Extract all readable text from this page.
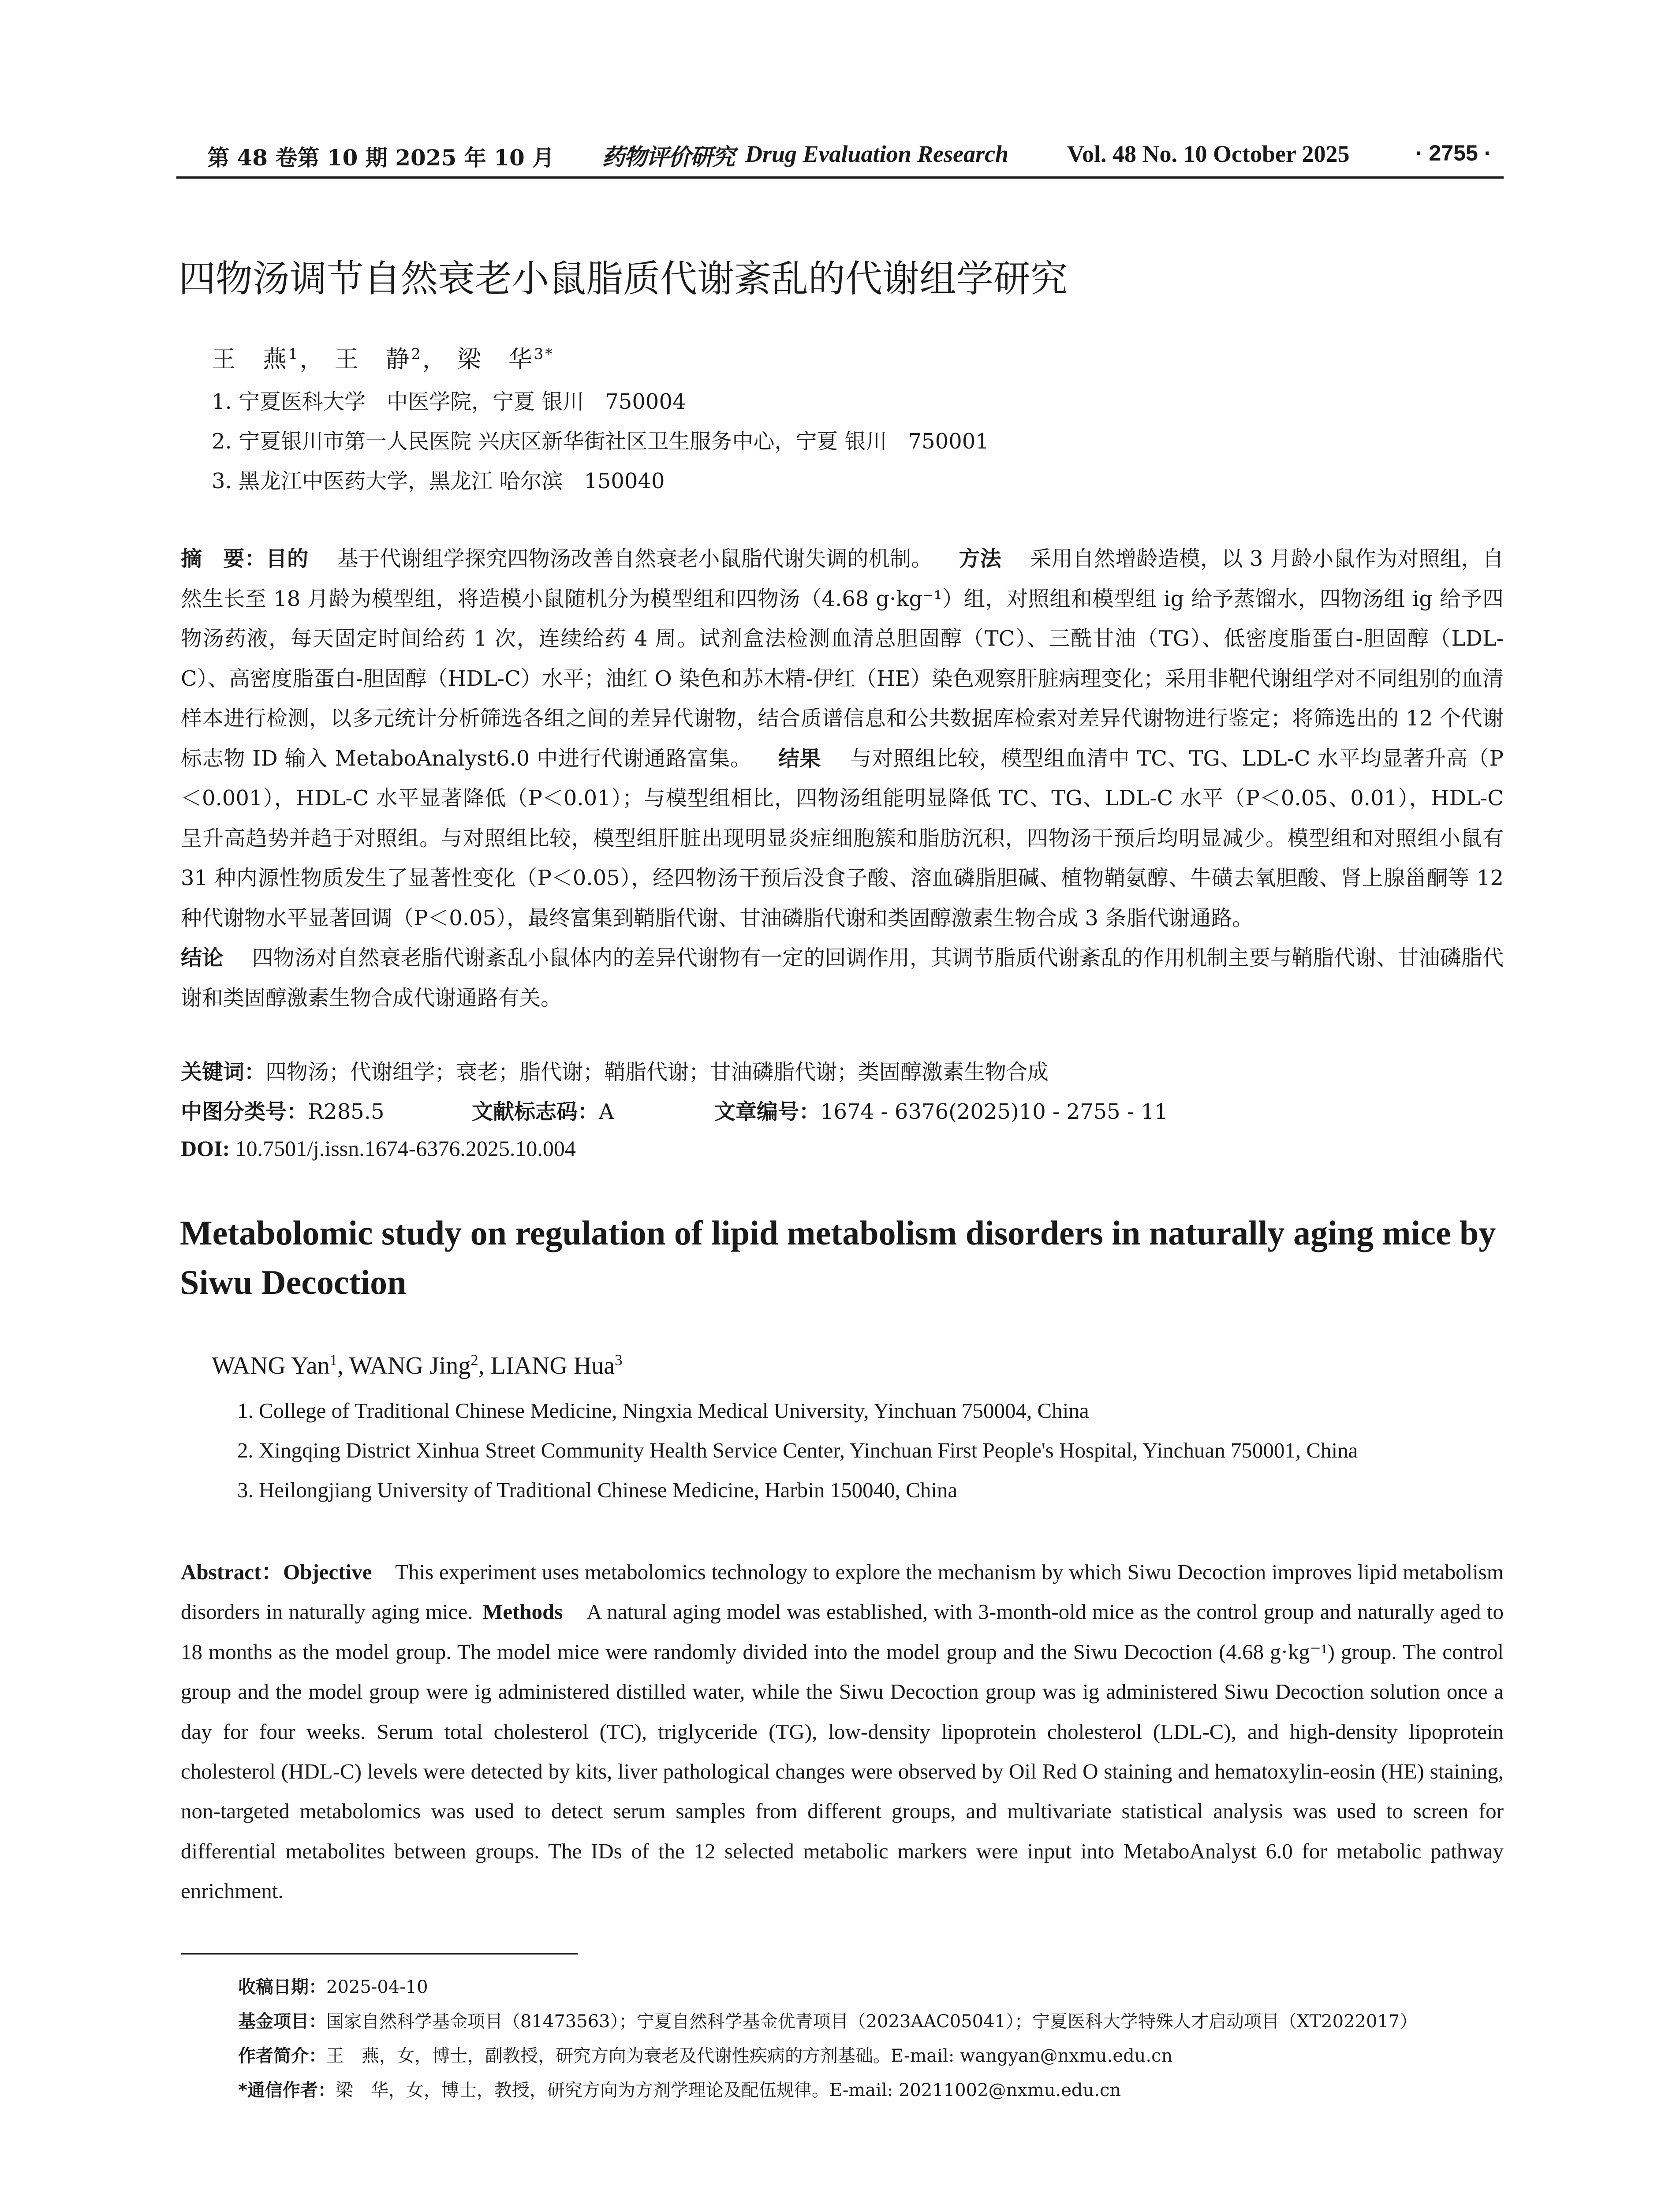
第 48 卷第 10 期 2025 年 10 月 药物评价研究 Drug Evaluation Research Vol. 48 No. 10 October 2025	· 2755 ·
四物汤调节自然衰老小鼠脂质代谢紊乱的代谢组学研究
王　燕$^1$， 王　静$^2$， 梁　华$^{3*}$
1. 宁夏医科大学　中医学院，宁夏 银川　750004
2. 宁夏银川市第一人民医院 兴庆区新华街社区卫生服务中心，宁夏 银川　750001
3. 黑龙江中医药大学，黑龙江 哈尔滨　150040

摘　要：目的 基于代谢组学探究四物汤改善自然衰老小鼠脂代谢失调的机制。 方法 采用自然增龄造模，以 3 月龄小鼠作为对照组，自然生长至 18 月龄为模型组，将造模小鼠随机分为模型组和四物汤（4.68 g·kg⁻¹）组，对照组和模型组 ig 给予蒸馏水，四物汤组 ig 给予四物汤药液，每天固定时间给药 1 次，连续给药 4 周。试剂盒法检测血清总胆固醇（TC）、三酰甘油（TG）、低密度脂蛋白-胆固醇（LDL-C）、高密度脂蛋白-胆固醇（HDL-C）水平；油红 O 染色和苏木精-伊红（HE）染色观察肝脏病理变化；采用非靶代谢组学对不同组别的血清样本进行检测，以多元统计分析筛选各组之间的差异代谢物，结合质谱信息和公共数据库检索对差异代谢物进行鉴定；将筛选出的 12 个代谢标志物 ID 输入 MetaboAnalyst6.0 中进行代谢通路富集。 结果 与对照组比较，模型组血清中 TC、TG、LDL-C 水平均显著升高（P＜0.001），HDL-C 水平显著降低（P＜0.01）；与模型组相比，四物汤组能明显降低 TC、TG、LDL-C 水平（P＜0.05、0.01），HDL-C 呈升高趋势并趋于对照组。与对照组比较，模型组肝脏出现明显炎症细胞簇和脂肪沉积，四物汤干预后均明显减少。模型组和对照组小鼠有 31 种内源性物质发生了显著性变化（P＜0.05），经四物汤干预后没食子酸、溶血磷脂胆碱、植物鞘氨醇、牛磺去氧胆酸、肾上腺甾酮等 12 种代谢物水平显著回调（P＜0.05），最终富集到鞘脂代谢、甘油磷脂代谢和类固醇激素生物合成 3 条脂代谢通路。
结论 四物汤对自然衰老脂代谢紊乱小鼠体内的差异代谢物有一定的回调作用，其调节脂质代谢紊乱的作用机制主要与鞘脂代谢、甘油磷脂代谢和类固醇激素生物合成代谢通路有关。

关键词：四物汤；代谢组学；衰老；脂代谢；鞘脂代谢；甘油磷脂代谢；类固醇激素生物合成
中图分类号：R285.5	文献标志码：A	文章编号：1674 - 6376(2025)10 - 2755 - 11
DOI: 10.7501/j.issn.1674-6376.2025.10.004
Metabolomic study on regulation of lipid metabolism disorders in naturally aging mice by Siwu Decoction
WANG Yan$^1$, WANG Jing$^2$, LIANG Hua$^3$
1. College of Traditional Chinese Medicine, Ningxia Medical University, Yinchuan 750004, China
2. Xingqing District Xinhua Street Community Health Service Center, Yinchuan First People's Hospital, Yinchuan 750001, China
3. Heilongjiang University of Traditional Chinese Medicine, Harbin 150040, China

Abstract：Objective This experiment uses metabolomics technology to explore the mechanism by which Siwu Decoction improves lipid metabolism disorders in naturally aging mice. Methods A natural aging model was established, with 3-month-old mice as the control group and naturally aged to 18 months as the model group. The model mice were randomly divided into the model group and the Siwu Decoction (4.68 g·kg⁻¹) group. The control group and the model group were ig administered distilled water, while the Siwu Decoction group was ig administered Siwu Decoction solution once a day for four weeks. Serum total cholesterol (TC), triglyceride (TG), low-density lipoprotein cholesterol (LDL-C), and high-density lipoprotein cholesterol (HDL-C) levels were detected by kits, liver pathological changes were observed by Oil Red O staining and hematoxylin-eosin (HE) staining, non-targeted metabolomics was used to detect serum samples from different groups, and multivariate statistical analysis was used to screen for differential metabolites between groups. The IDs of the 12 selected metabolic markers were input into MetaboAnalyst 6.0 for metabolic pathway enrichment.

收稿日期：2025-04-10
基金项目：国家自然科学基金项目（81473563）；宁夏自然科学基金优青项目（2023AAC05041）；宁夏医科大学特殊人才启动项目（XT2022017）
作者简介：王　燕，女，博士，副教授，研究方向为衰老及代谢性疾病的方剂基础。E-mail: wangyan@nxmu.edu.cn
*通信作者：梁　华，女，博士，教授，研究方向为方剂学理论及配伍规律。E-mail: 20211002@nxmu.edu.cn
